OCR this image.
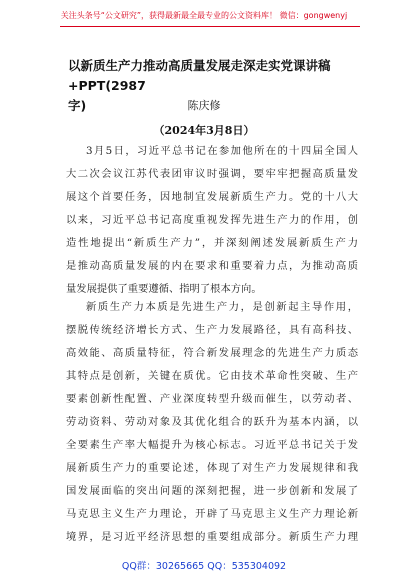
关注头条号“公文研究”，获得最新最全最专业的公文资料库！ 微信：gongwenyj
以新质生产力推动高质量发展走深走实党课讲稿+PPT(2987
字)	陈庆修
（2024年3月8日）
3月5日，习近平总书记在参加他所在的十四届全国人
大二次会议江苏代表团审议时强调，要牢牢把握高质量发
展这个首要任务，因地制宜发展新质生产力。党的十八大
以来，习近平总书记高度重视发挥先进生产力的作用，创
造性地提出“新质生产力”，并深刻阐述发展新质生产力
是推动高质量发展的内在要求和重要着力点，为推动高质
量发展提供了重要遵循、指明了根本方向。
新质生产力本质是先进生产力，是创新起主导作用，
摆脱传统经济增长方式、生产力发展路径，具有高科技、
高效能、高质量特征，符合新发展理念的先进生产力质态
其特点是创新，关键在质优。它由技术革命性突破、生产
要素创新性配置、产业深度转型升级而催生，以劳动者、
劳动资料、劳动对象及其优化组合的跃升为基本内涵，以
全要素生产率大幅提升为核心标志。习近平总书记关于发
展新质生产力的重要论述，体现了对生产力发展规律和我
国发展面临的突出问题的深刻把握，进一步创新和发展了
马克思主义生产力理论，开辟了马克思主义生产力理论新
境界，是习近平经济思想的重要组成部分。新质生产力理
QQ群：30265665 QQ：535304092
